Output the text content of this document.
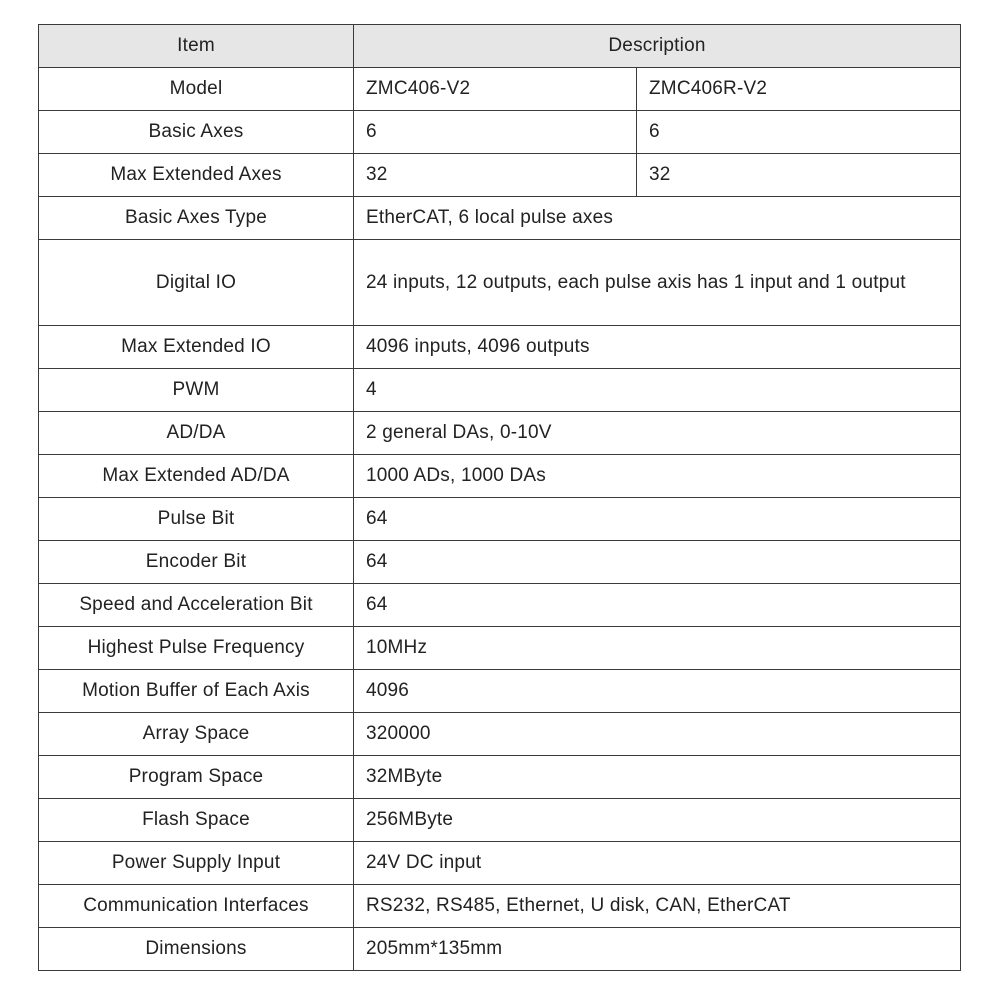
Item	Description	
Model	ZMC406-V2	ZMC406R-V2
Basic Axes	6	6
Max Extended Axes	32	32
Basic Axes Type	EtherCAT, 6 local pulse axes	
Digital IO	24 inputs, 12 outputs, each pulse axis has 1 input and 1 output	
Max Extended IO	4096 inputs, 4096 outputs	
PWM	4	
AD/DA	2 general DAs, 0-10V	
Max Extended AD/DA	1000 ADs, 1000 DAs	
Pulse Bit	64	
Encoder Bit	64	
Speed and Acceleration Bit	64	
Highest Pulse Frequency	10MHz	
Motion Buffer of Each Axis	4096	
Array Space	320000	
Program Space	32MByte	
Flash Space	256MByte	
Power Supply Input	24V DC input	
Communication Interfaces	RS232, RS485, Ethernet, U disk, CAN, EtherCAT	
Dimensions	205mm*135mm	
